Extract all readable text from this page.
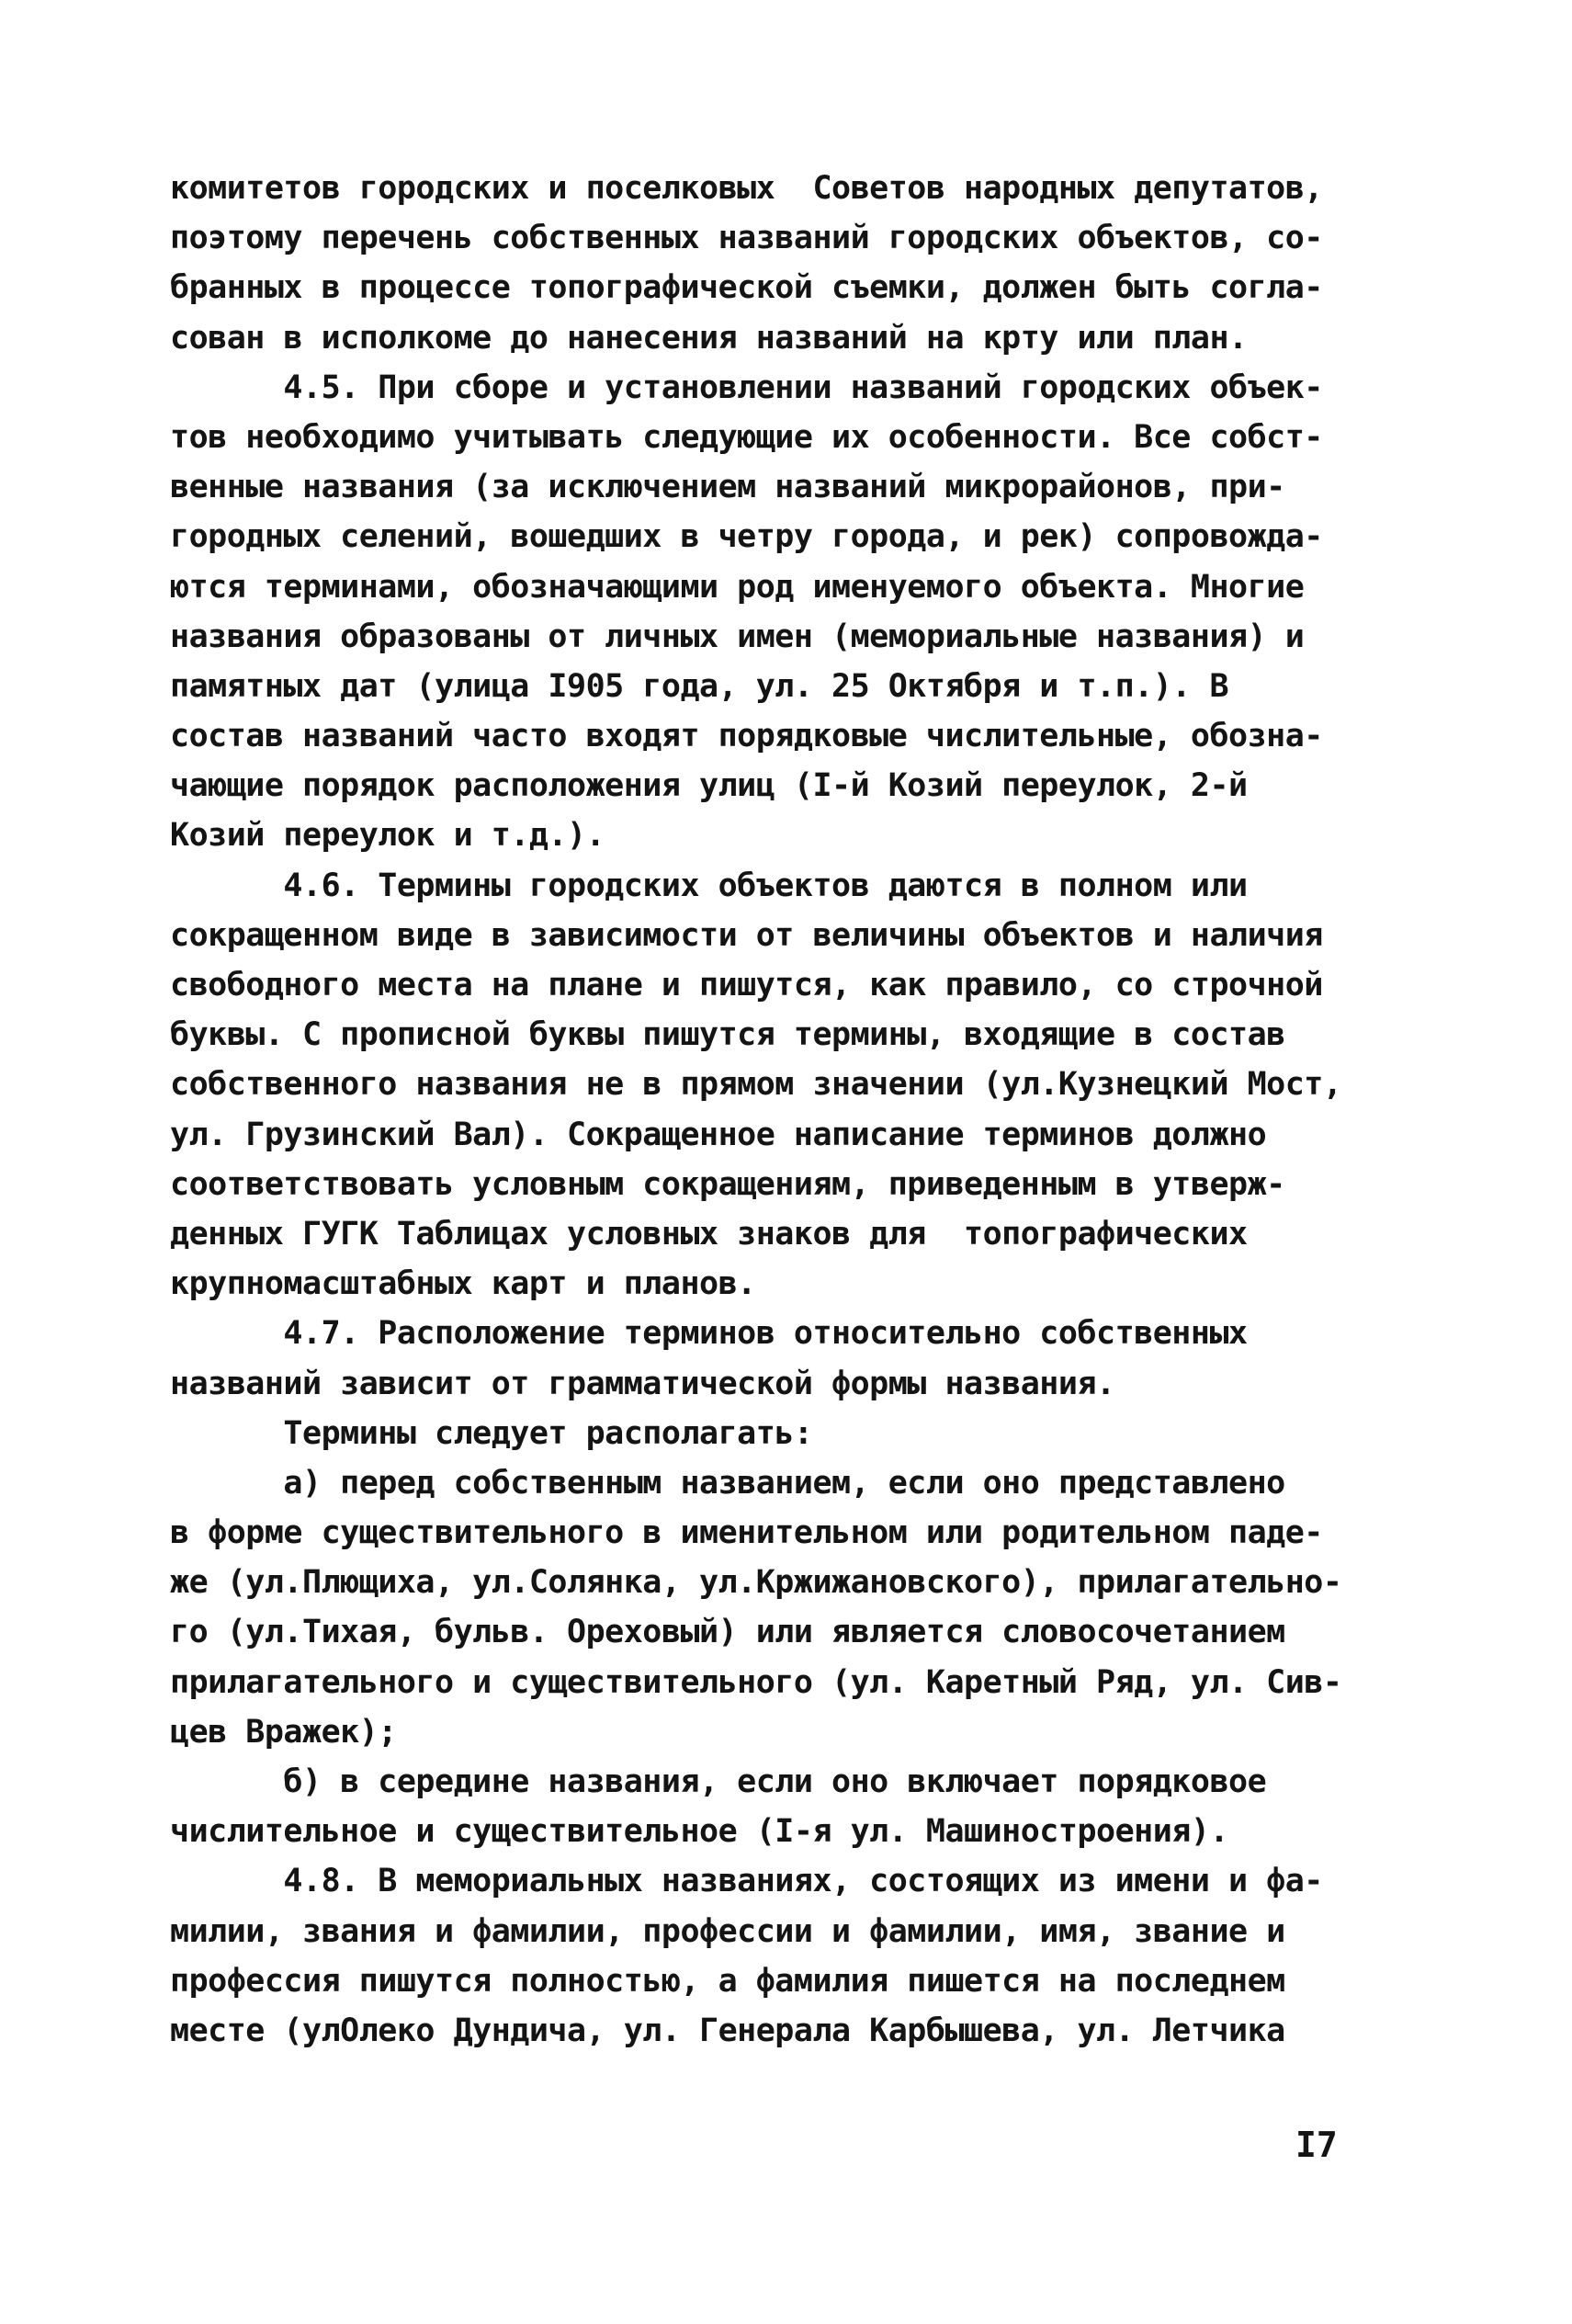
комитетов городских и поселковых  Советов народных депутатов,
поэтому перечень собственных названий городских объектов, со-
бранных в процессе топографической съемки, должен быть согла-
сован в исполкоме до нанесения названий на крту или план.
4.5. При сборе и установлении названий городских объек-
тов необходимо учитывать следующие их особенности. Все собст-
венные названия (за исключением названий микрорайонов, при-
городных селений, вошедших в четру города, и рек) сопровожда-
ются терминами, обозначающими род именуемого объекта. Многие
названия образованы от личных имен (мемориальные названия) и
памятных дат (улица I905 года, ул. 25 Октября и т.п.). В
состав названий часто входят порядковые числительные, обозна-
чающие порядок расположения улиц (I-й Козий переулок, 2-й
Козий переулок и т.д.).
4.6. Термины городских объектов даются в полном или
сокращенном виде в зависимости от величины объектов и наличия
свободного места на плане и пишутся, как правило, со строчной
буквы. С прописной буквы пишутся термины, входящие в состав
собственного названия не в прямом значении (ул.Кузнецкий Мост,
ул. Грузинский Вал). Сокращенное написание терминов должно
соответствовать условным сокращениям, приведенным в утверж-
денных ГУГК Таблицах условных знаков для  топографических
крупномасштабных карт и планов.
4.7. Расположение терминов относительно собственных
названий зависит от грамматической формы названия.
Термины следует располагать:
а) перед собственным названием, если оно представлено
в форме существительного в именительном или родительном паде-
же (ул.Плющиха, ул.Солянка, ул.Кржижановского), прилагательно-
го (ул.Тихая, бульв. Ореховый) или является словосочетанием
прилагательного и существительного (ул. Каретный Ряд, ул. Сив-
цев Вражек);
б) в середине названия, если оно включает порядковое
числительное и существительное (I-я ул. Машиностроения).
4.8. В мемориальных названиях, состоящих из имени и фа-
милии, звания и фамилии, профессии и фамилии, имя, звание и
профессия пишутся полностью, а фамилия пишется на последнем
месте (улОлеко Дундича, ул. Генерала Карбышева, ул. Летчика
I7
